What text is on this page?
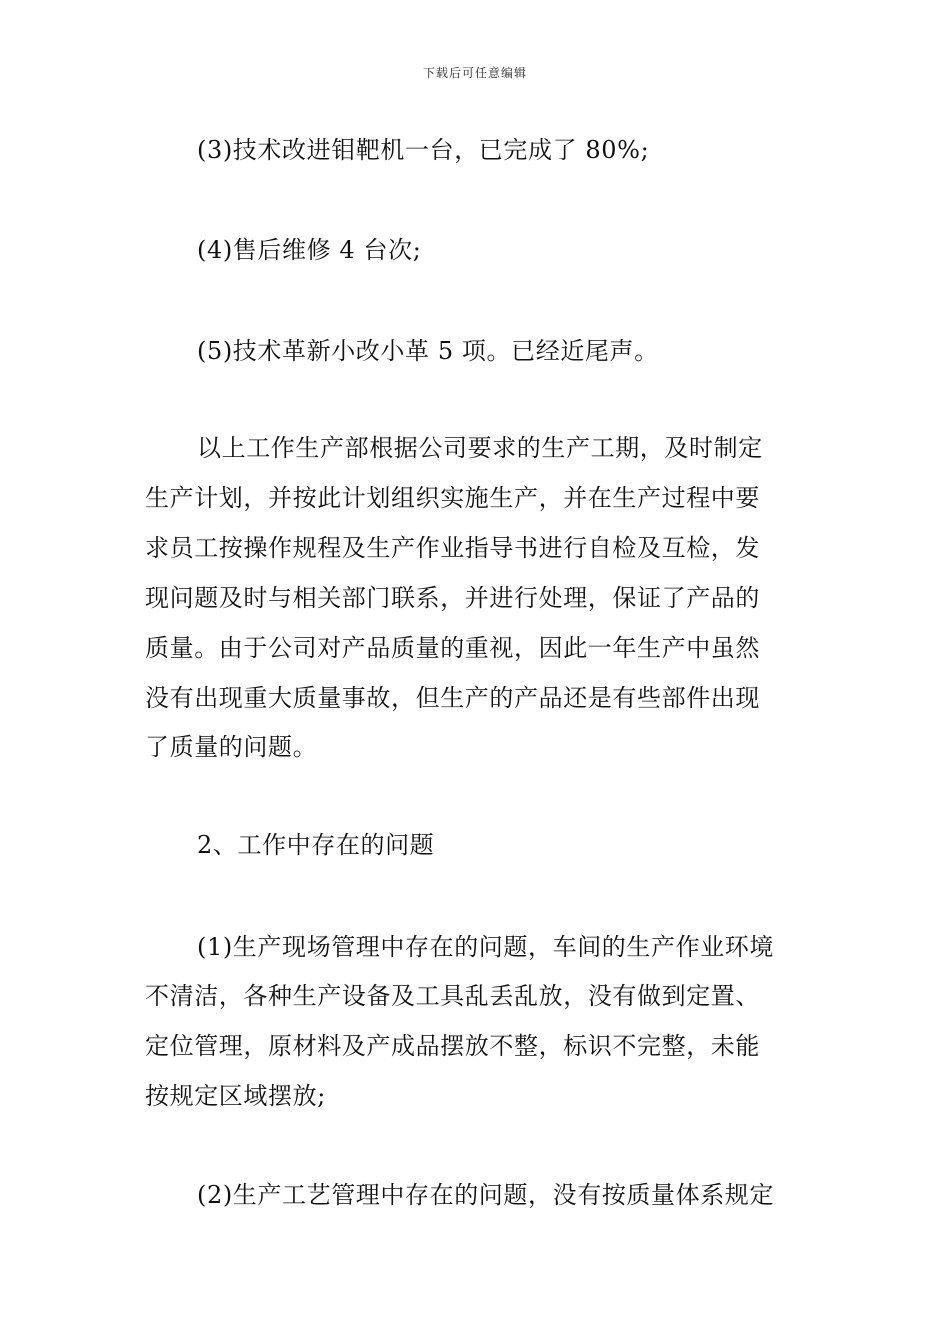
下载后可任意编辑
(3)技术改进钼靶机一台，已完成了 80%;
(4)售后维修 4 台次;
(5)技术革新小改小革 5 项。已经近尾声。
以上工作生产部根据公司要求的生产工期，及时制定
生产计划，并按此计划组织实施生产，并在生产过程中要
求员工按操作规程及生产作业指导书进行自检及互检，发
现问题及时与相关部门联系，并进行处理，保证了产品的
质量。由于公司对产品质量的重视，因此一年生产中虽然
没有出现重大质量事故，但生产的产品还是有些部件出现
了质量的问题。
2、工作中存在的问题
(1)生产现场管理中存在的问题，车间的生产作业环境
不清洁，各种生产设备及工具乱丢乱放，没有做到定置、
定位管理，原材料及产成品摆放不整，标识不完整，未能
按规定区域摆放;
(2)生产工艺管理中存在的问题，没有按质量体系规定
